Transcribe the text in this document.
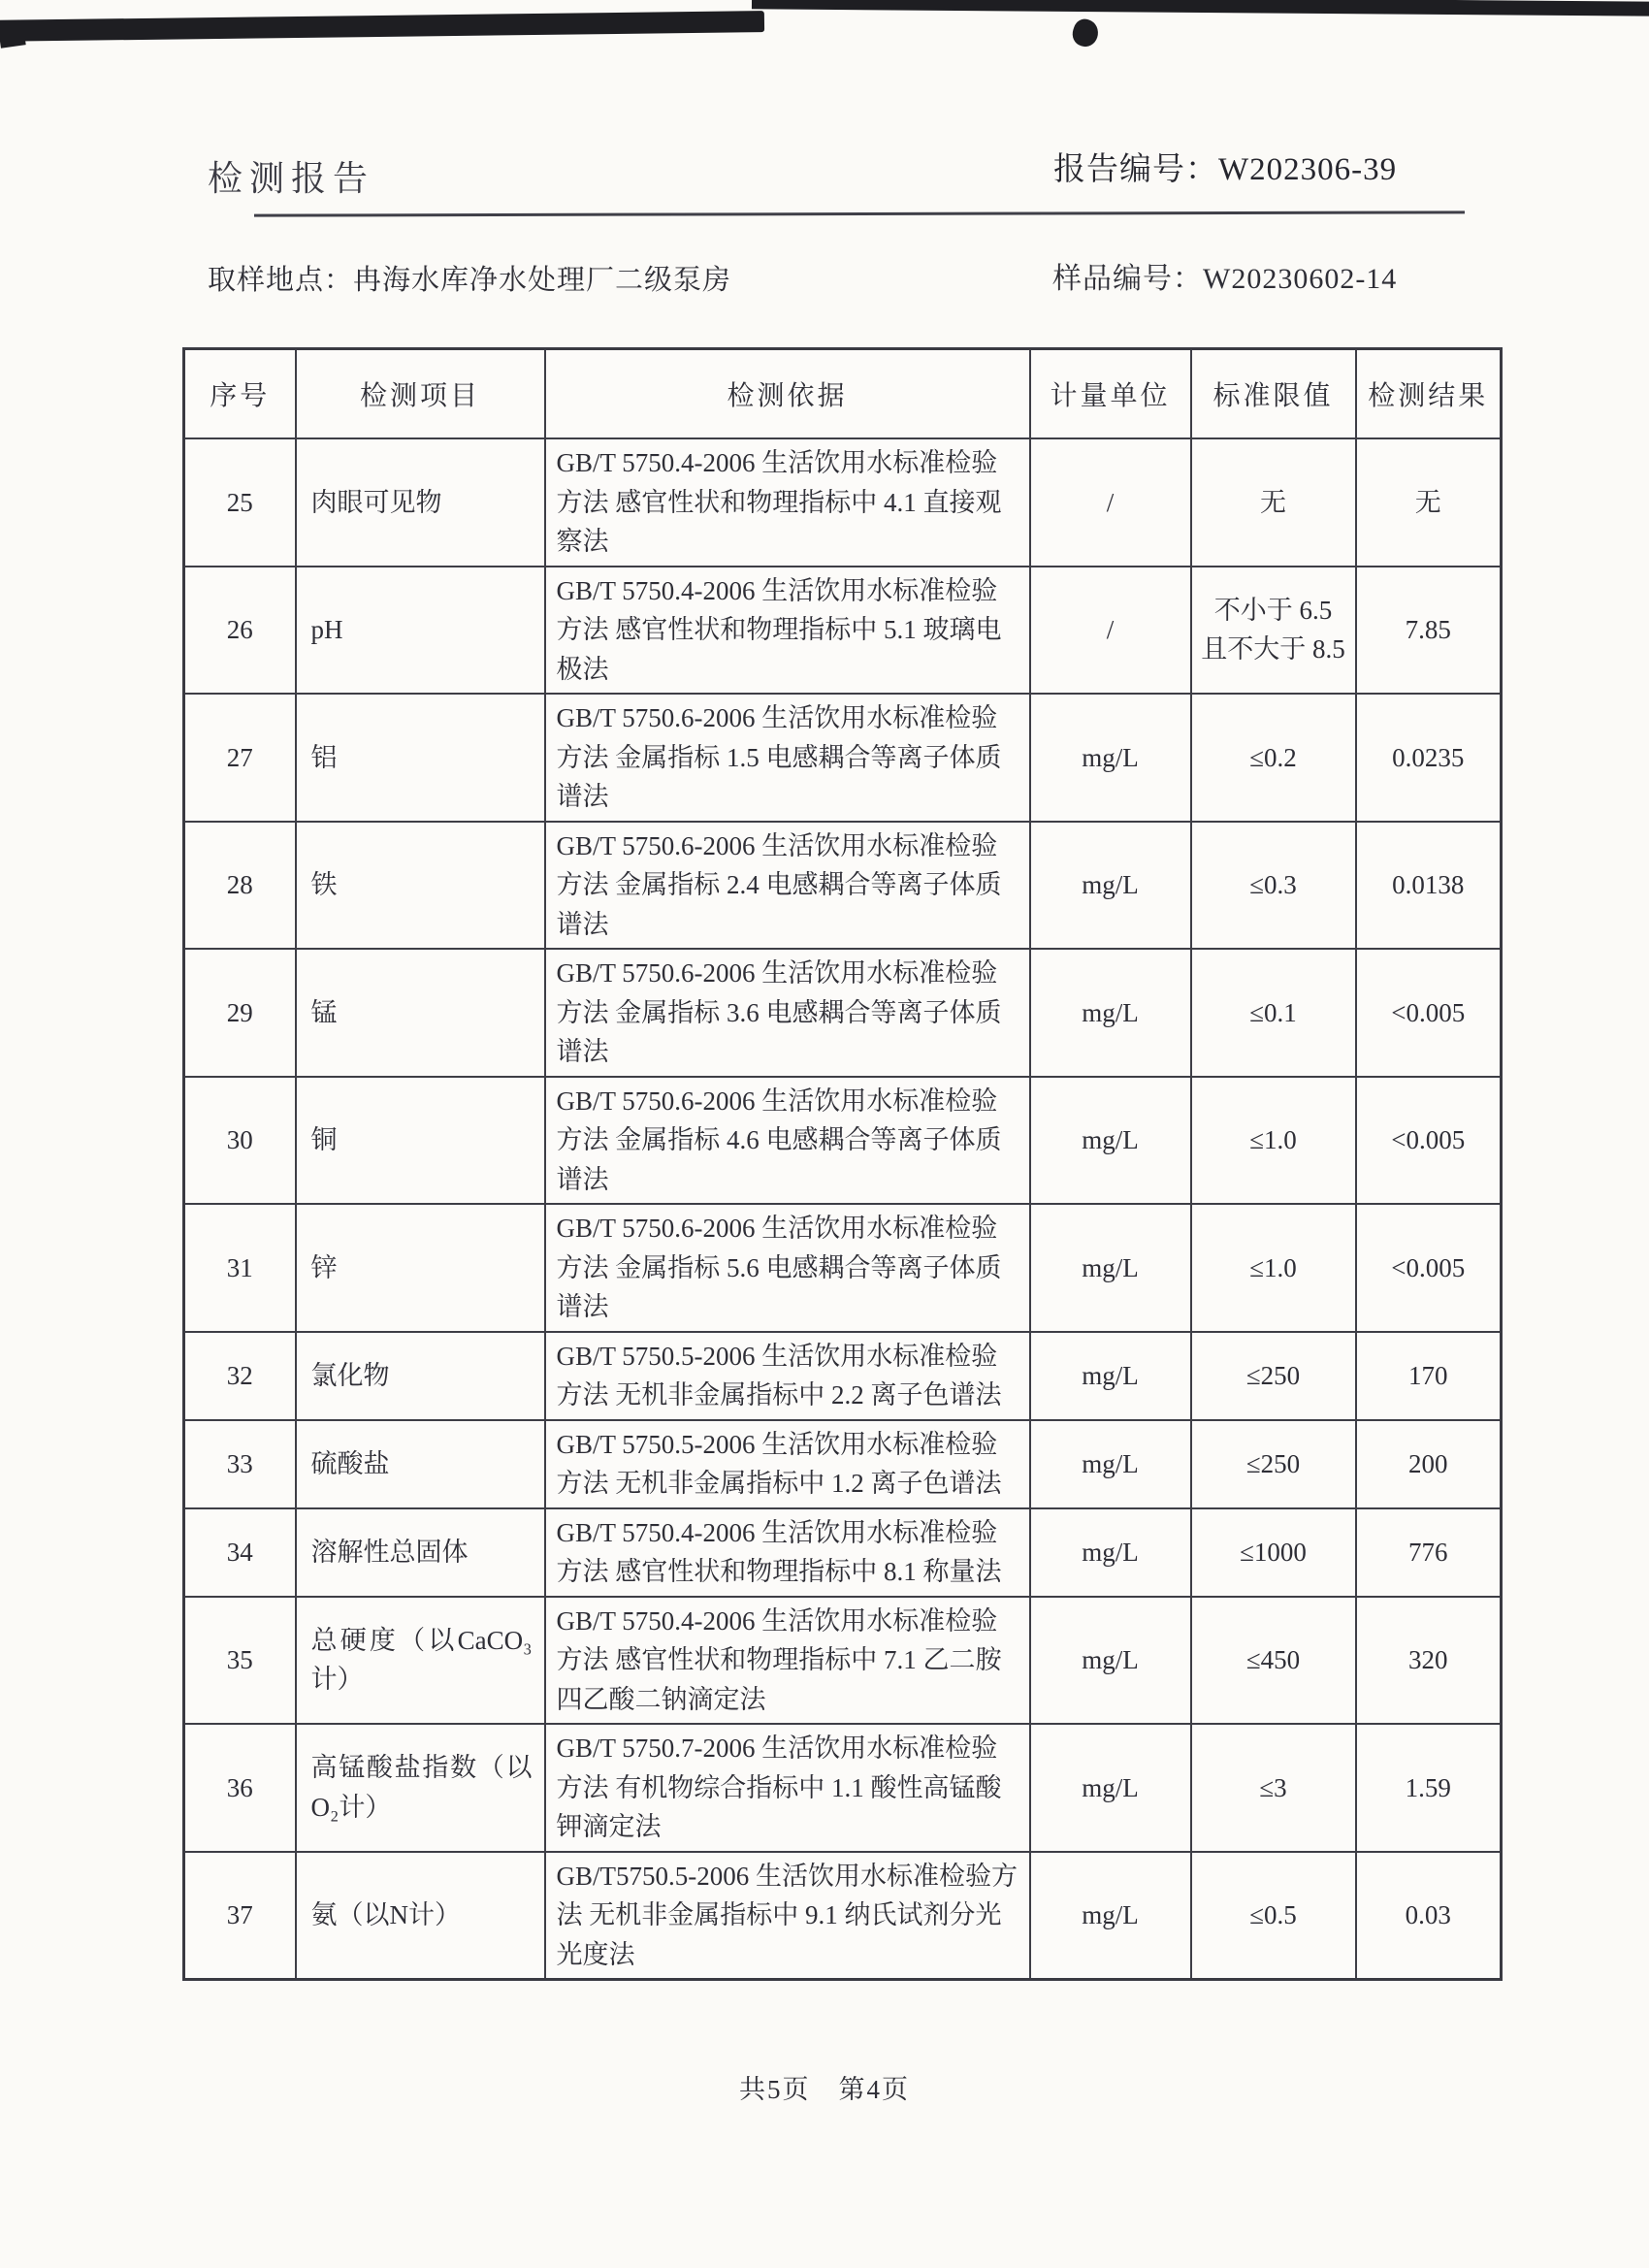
检测报告	报告编号：W202306-39
取样地点：冉海水库净水处理厂二级泵房	样品编号：W20230602-14
序号	检测项目	检测依据	计量单位	标准限值	检测结果
25	肉眼可见物	GB/T 5750.4-2006 生活饮用水标准检验方法 感官性状和物理指标中 4.1 直接观察法	/	无	无
26	pH	GB/T 5750.4-2006 生活饮用水标准检验方法 感官性状和物理指标中 5.1 玻璃电极法	/	不小于 6.5 且不大于 8.5	7.85
27	铝	GB/T 5750.6-2006 生活饮用水标准检验方法 金属指标 1.5 电感耦合等离子体质谱法	mg/L	≤0.2	0.0235
28	铁	GB/T 5750.6-2006 生活饮用水标准检验方法 金属指标 2.4 电感耦合等离子体质谱法	mg/L	≤0.3	0.0138
29	锰	GB/T 5750.6-2006 生活饮用水标准检验方法 金属指标 3.6 电感耦合等离子体质谱法	mg/L	≤0.1	<0.005
30	铜	GB/T 5750.6-2006 生活饮用水标准检验方法 金属指标 4.6 电感耦合等离子体质谱法	mg/L	≤1.0	<0.005
31	锌	GB/T 5750.6-2006 生活饮用水标准检验方法 金属指标 5.6 电感耦合等离子体质谱法	mg/L	≤1.0	<0.005
32	氯化物	GB/T 5750.5-2006 生活饮用水标准检验方法 无机非金属指标中 2.2 离子色谱法	mg/L	≤250	170
33	硫酸盐	GB/T 5750.5-2006 生活饮用水标准检验方法 无机非金属指标中 1.2 离子色谱法	mg/L	≤250	200
34	溶解性总固体	GB/T 5750.4-2006 生活饮用水标准检验方法 感官性状和物理指标中 8.1 称量法	mg/L	≤1000	776
35	总硬度（以CaCO₃计）	GB/T 5750.4-2006 生活饮用水标准检验方法 感官性状和物理指标中 7.1 乙二胺四乙酸二钠滴定法	mg/L	≤450	320
36	高锰酸盐指数（以O₂计）	GB/T 5750.7-2006 生活饮用水标准检验方法 有机物综合指标中 1.1 酸性高锰酸钾滴定法	mg/L	≤3	1.59
37	氨（以N计）	GB/T5750.5-2006 生活饮用水标准检验方法 无机非金属指标中 9.1 纳氏试剂分光光度法	mg/L	≤0.5	0.03
共5页　第4页
